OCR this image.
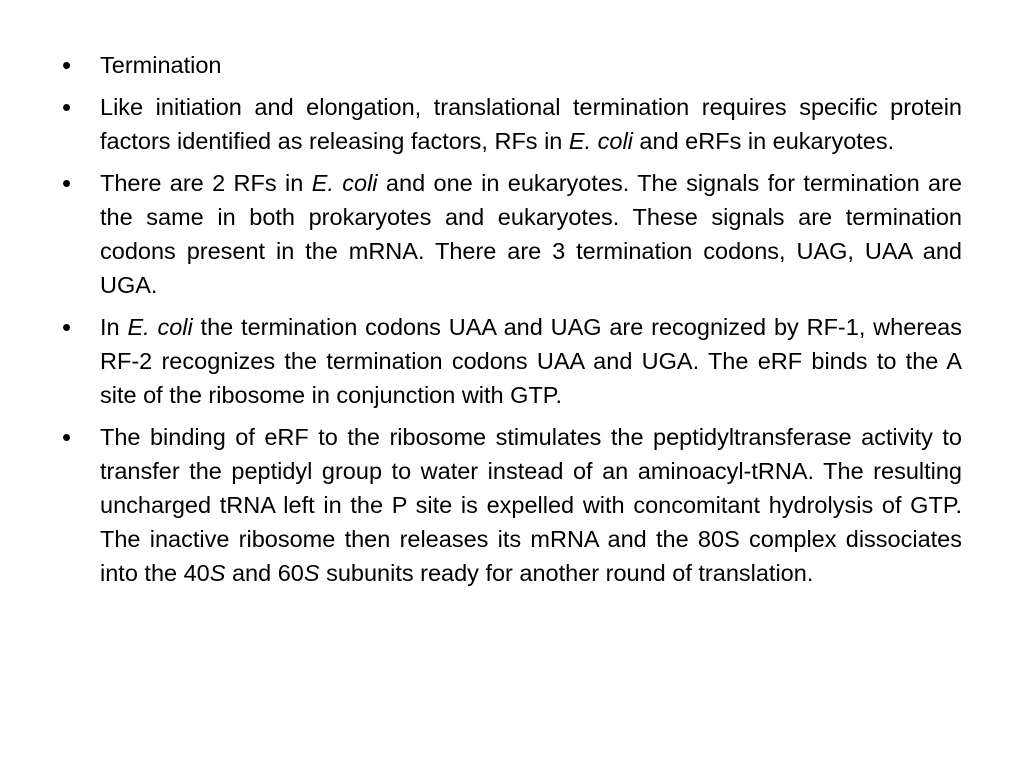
•	Termination
•	Like initiation and elongation, translational termination requires specific protein factors identified as releasing factors, RFs in E. coli and eRFs in eukaryotes.
•	There are 2 RFs in E. coli and one in eukaryotes. The signals for termination are the same in both prokaryotes and eukaryotes. These signals are termination codons present in the mRNA. There are 3 termination codons, UAG, UAA and UGA.
•	In E. coli the termination codons UAA and UAG are recognized by RF-1, whereas RF-2 recognizes the termination codons UAA and UGA. The eRF binds to the A site of the ribosome in conjunction with GTP.
•	The binding of eRF to the ribosome stimulates the peptidyltransferase activity to transfer the peptidyl group to water instead of an aminoacyl-tRNA. The resulting uncharged tRNA left in the P site is expelled with concomitant hydrolysis of GTP. The inactive ribosome then releases its mRNA and the 80S complex dissociates into the 40S and 60S subunits ready for another round of translation.
